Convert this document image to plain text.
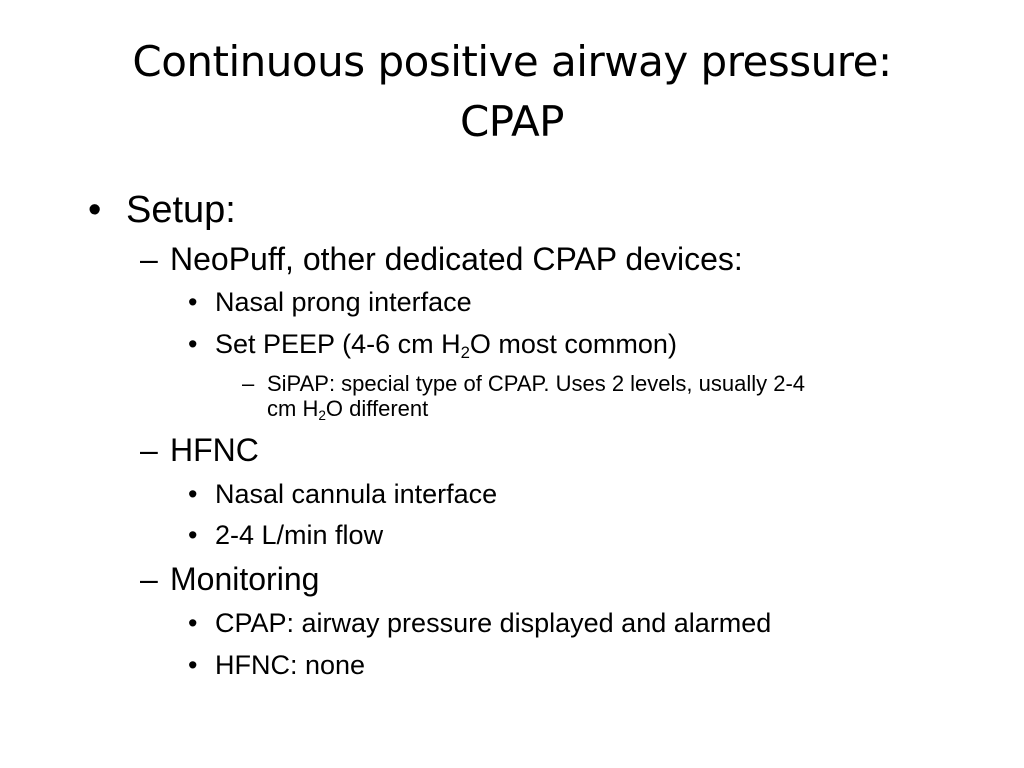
Continuous positive airway pressure:
CPAP
• Setup:
– NeoPuff, other dedicated CPAP devices:
• Nasal prong interface
• Set PEEP (4-6 cm $H_2O$ most common)
– SiPAP: special type of CPAP. Uses 2 levels, usually 2-4
cm $H_2O$ different
– HFNC
• Nasal cannula interface
• 2-4 L/min flow
– Monitoring
• CPAP: airway pressure displayed and alarmed
• HFNC: none
